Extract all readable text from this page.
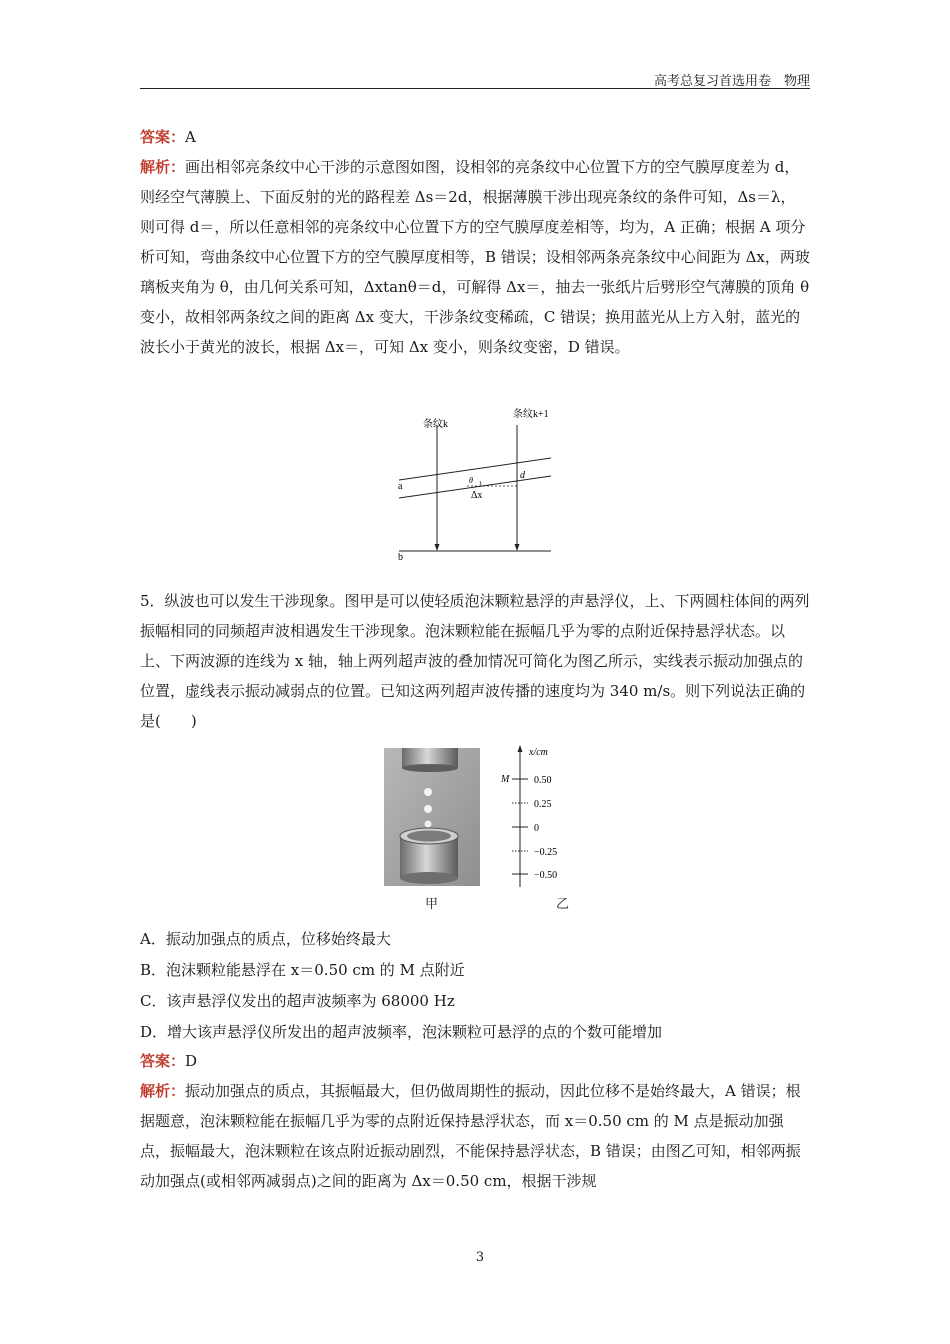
高考总复习首选用卷　物理

答案：A

解析：画出相邻亮条纹中心干涉的示意图如图，设相邻的亮条纹中心位置下方的空气膜厚度差为 d，则经空气薄膜上、下面反射的光的路程差 Δs＝2d，根据薄膜干涉出现亮条纹的条件可知，Δs＝λ，则可得 d＝，所以任意相邻的亮条纹中心位置下方的空气膜厚度差相等，均为，A 正确；根据 A 项分析可知，弯曲条纹中心位置下方的空气膜厚度相等，B 错误；设相邻两条亮条纹中心间距为 Δx，两玻璃板夹角为 θ，由几何关系可知，Δxtanθ＝d，可解得 Δx＝，抽去一张纸片后劈形空气薄膜的顶角 θ 变小，故相邻两条纹之间的距离 Δx 变大，干涉条纹变稀疏，C 错误；换用蓝光从上方入射，蓝光的波长小于黄光的波长，根据 Δx＝，可知 Δx 变小，则条纹变密，D 错误。

条纹k
条纹k+1
d
θ
Δx
a
b

5．纵波也可以发生干涉现象。图甲是可以使轻质泡沫颗粒悬浮的声悬浮仪，上、下两圆柱体间的两列振幅相同的同频超声波相遇发生干涉现象。泡沫颗粒能在振幅几乎为零的点附近保持悬浮状态。以上、下两波源的连线为 x 轴，轴上两列超声波的叠加情况可简化为图乙所示，实线表示振动加强点的位置，虚线表示振动减弱点的位置。已知这两列超声波传播的速度均为 340 m/s。则下列说法正确的是(　　)

甲
x/cm
M 0.50
0.25
0
−0.25
−0.50
乙
A．振动加强点的质点，位移始终最大
B．泡沫颗粒能悬浮在 x＝0.50 cm 的 M 点附近
C．该声悬浮仪发出的超声波频率为 68000 Hz
D．增大该声悬浮仪所发出的超声波频率，泡沫颗粒可悬浮的点的个数可能增加

答案：D

解析：振动加强点的质点，其振幅最大，但仍做周期性的振动，因此位移不是始终最大，A 错误；根据题意，泡沫颗粒能在振幅几乎为零的点附近保持悬浮状态，而 x＝0.50 cm 的 M 点是振动加强点，振幅最大，泡沫颗粒在该点附近振动剧烈，不能保持悬浮状态，B 错误；由图乙可知，相邻两振动加强点(或相邻两减弱点)之间的距离为 Δx＝0.50 cm，根据干涉规

3
